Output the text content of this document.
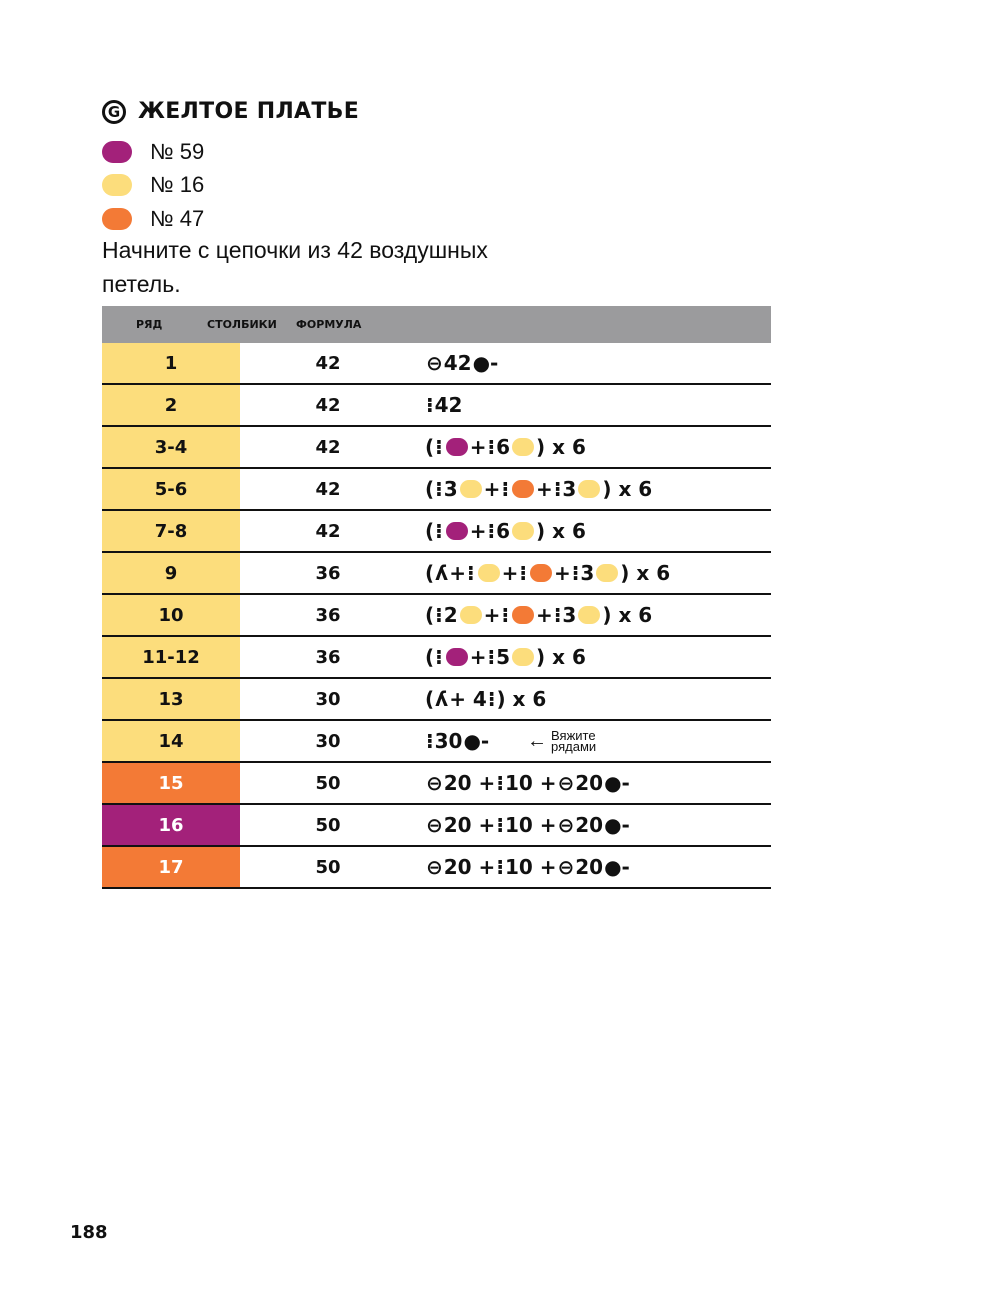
G ЖЕЛТОЕ ПЛАТЬЕ
№ 59
№ 16
№ 47

Начните с цепочки из 42 воздушных петель.

РЯД	СТОЛБИКИ ФОРМУЛА
1	42	⊖ 42 ●-
2	42	⁝ 42
3-4	42	( ⁝ + ⁝ 6 ) x 6
5-6	42	( ⁝ 3 + ⁝ + ⁝ 3 ) x 6
7-8	42	( ⁝ + ⁝ 6 ) x 6
9	36	( ʎ + ⁝ + ⁝ + ⁝ 3 ) x 6
10	36	( ⁝ 2 + ⁝ + ⁝ 3 ) x 6
11-12	36	( ⁝ + ⁝ 5 ) x 6
13	30	( ʎ + 4 ⁝ ) x 6
14	30	⁝ 30 ●- ← Вяжите рядами
15	50	⊖ 20 + ⁝ 10 + ⊖ 20 ●-
16	50	⊖ 20 + ⁝ 10 + ⊖ 20 ●-
17	50	⊖ 20 + ⁝ 10 + ⊖ 20 ●-
188
